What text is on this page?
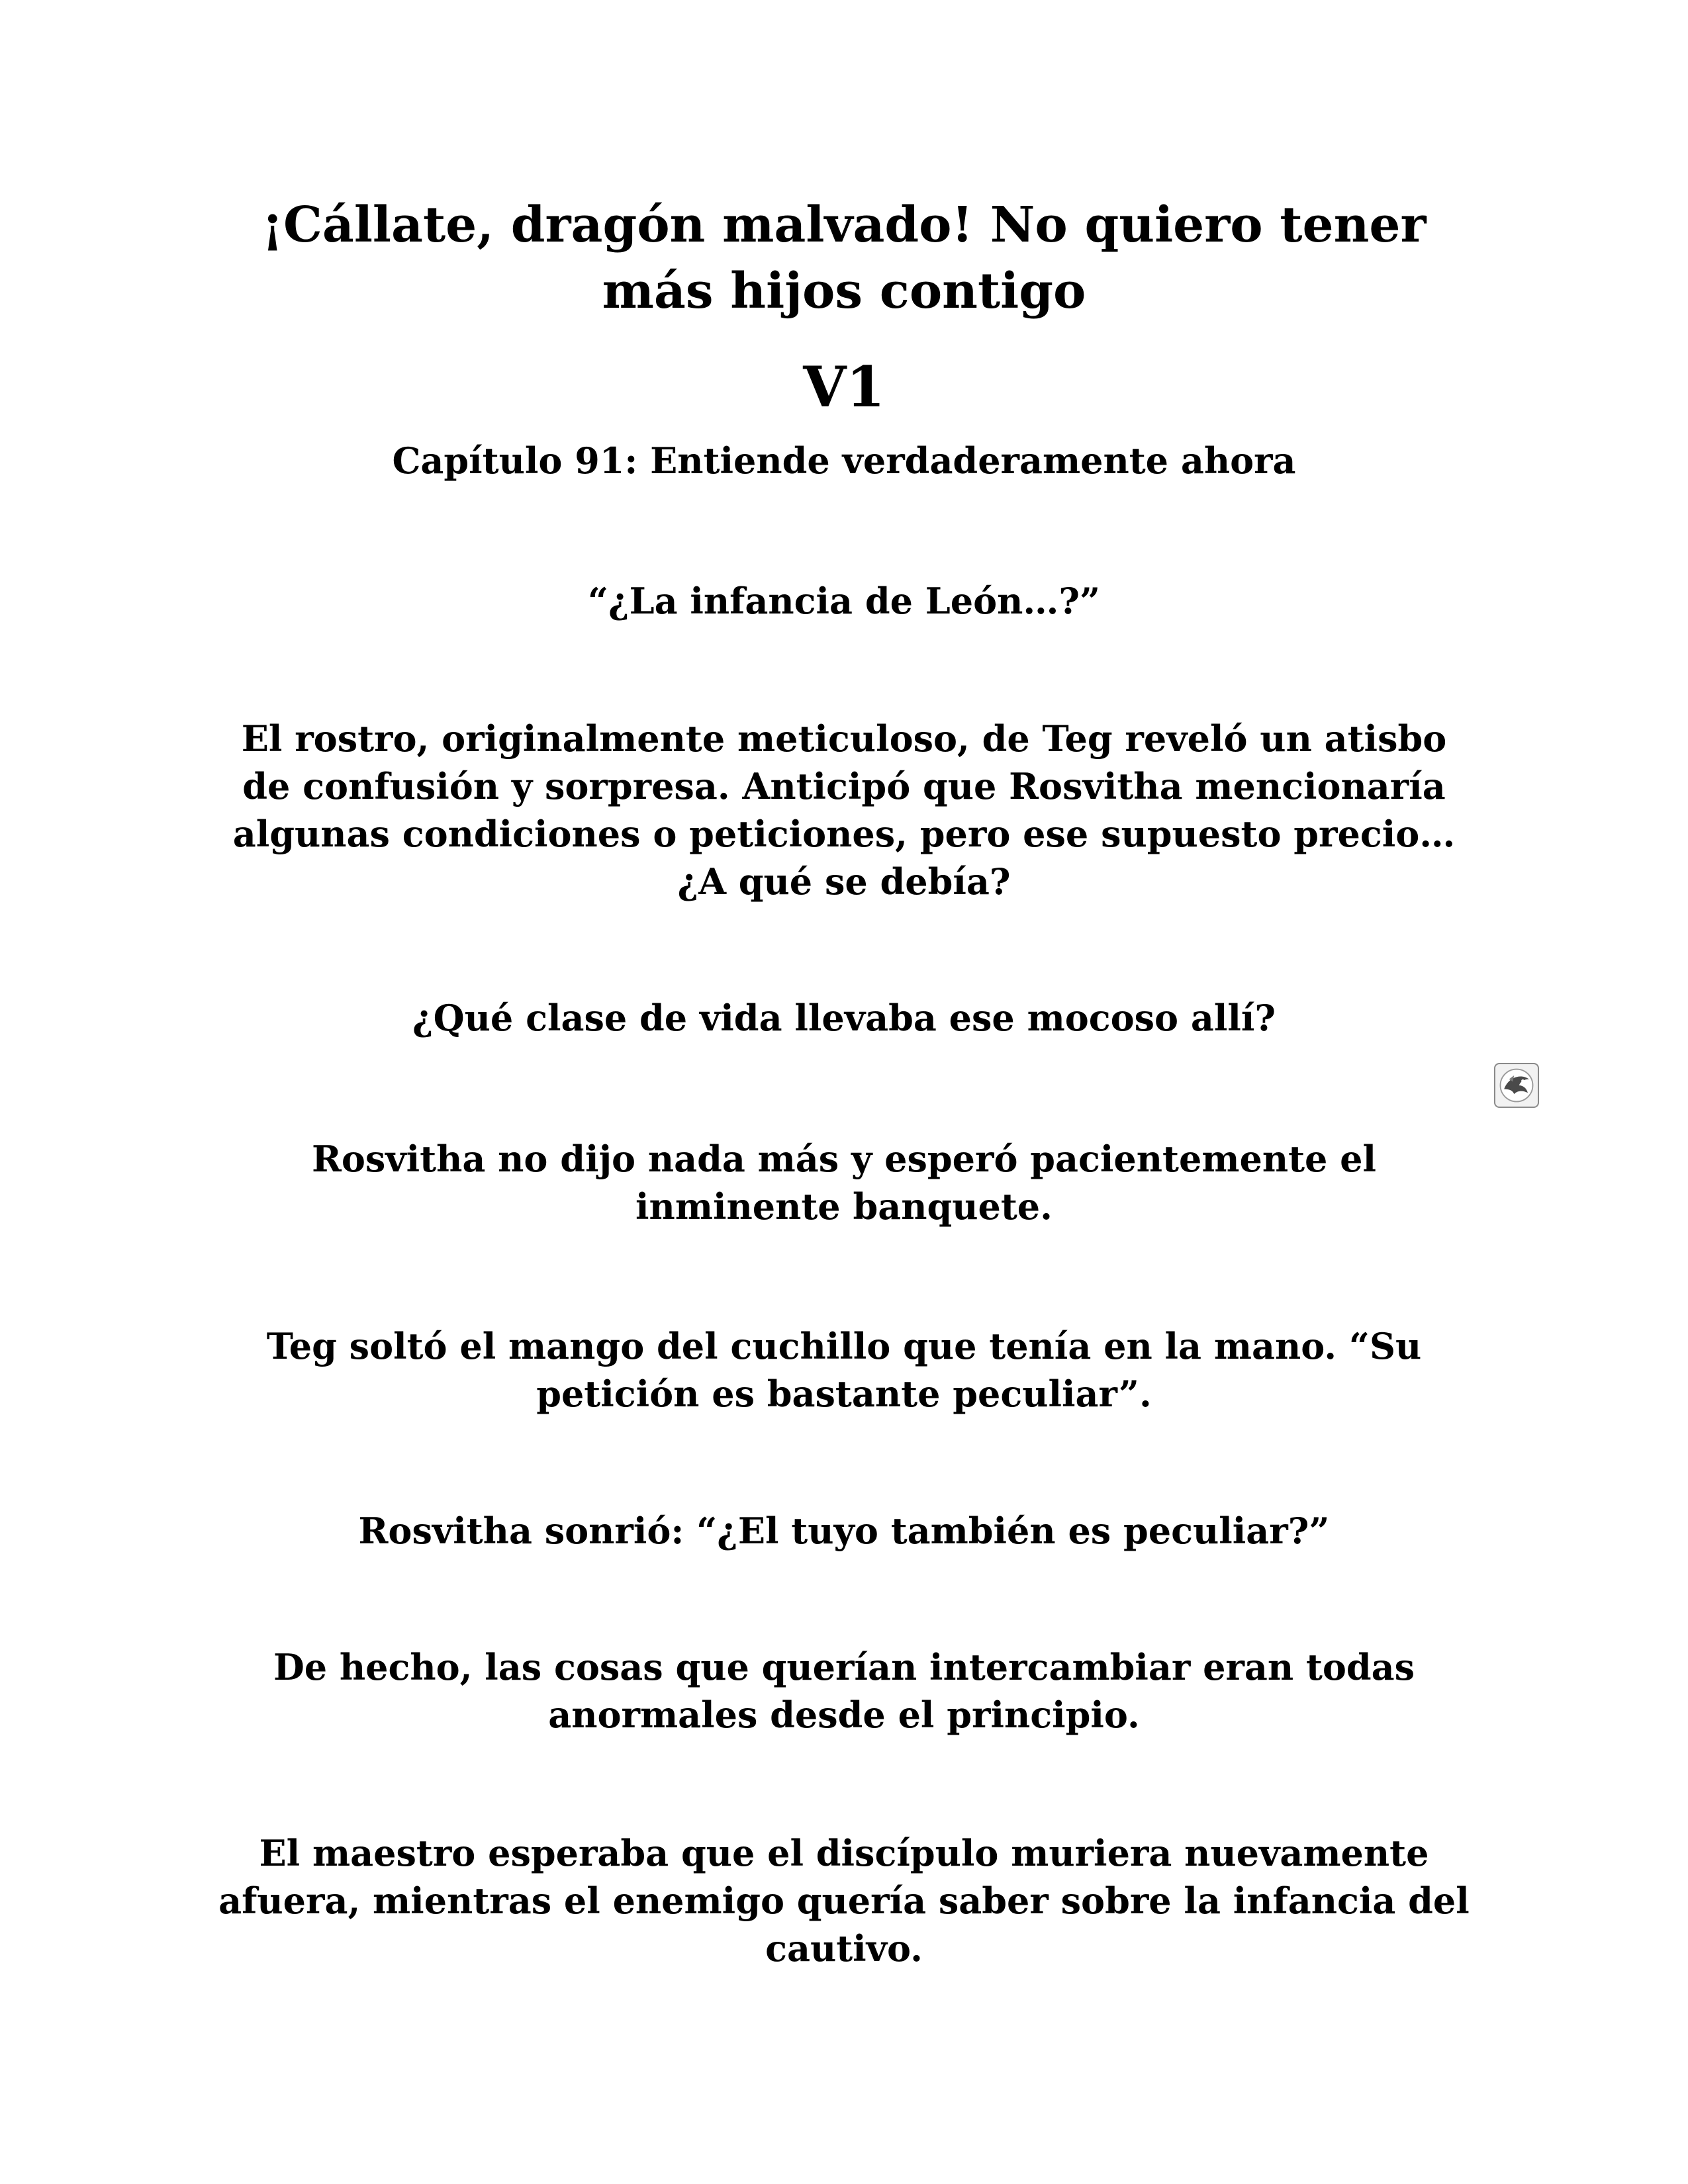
¡Cállate, dragón malvado! No quiero tener más hijos contigo
V1
Capítulo 91: Entiende verdaderamente ahora

“¿La infancia de León…?”

El rostro, originalmente meticuloso, de Teg reveló un atisbo de confusión y sorpresa. Anticipó que Rosvitha mencionaría algunas condiciones o peticiones, pero ese supuesto precio… ¿A qué se debía?

¿Qué clase de vida llevaba ese mocoso allí?

Rosvitha no dijo nada más y esperó pacientemente el inminente banquete.

Teg soltó el mango del cuchillo que tenía en la mano. “Su petición es bastante peculiar”.

Rosvitha sonrió: “¿El tuyo también es peculiar?”

De hecho, las cosas que querían intercambiar eran todas anormales desde el principio.

El maestro esperaba que el discípulo muriera nuevamente afuera, mientras el enemigo quería saber sobre la infancia del cautivo.
